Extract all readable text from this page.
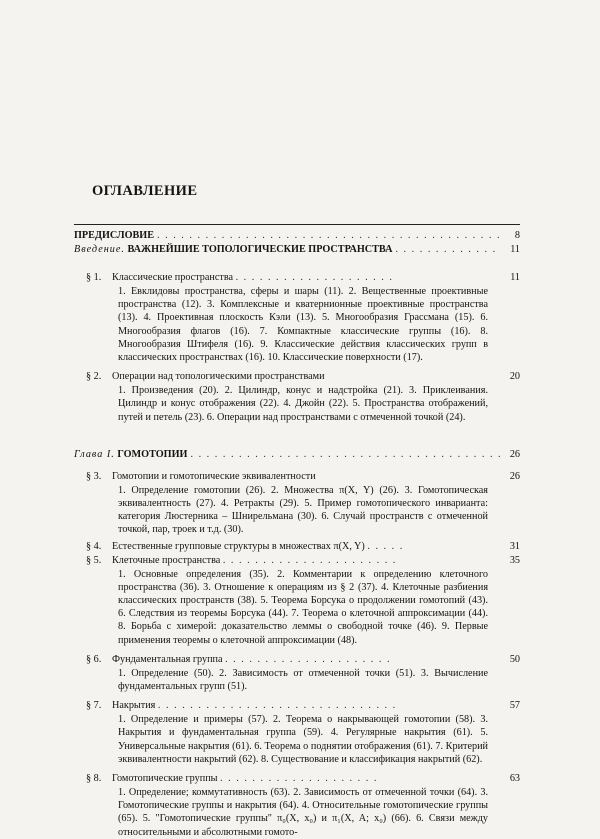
ОГЛАВЛЕНИЕ
ПРЕДИСЛОВИЕ . . .	8
Введение. ВАЖНЕЙШИЕ ТОПОЛОГИЧЕСКИЕ ПРОСТРАНСТВА . . .	11
§ 1. Классические пространства . . . . . . . . . . . . . . . . . . . .	11
1. Евклидовы пространства, сферы и шары (11). 2. Вещественные проективные пространства (12). 3. Комплексные и кватернионные проективные пространства (13). 4. Проективная плоскость Кэли (13). 5. Многообразия Грассмана (15). 6. Многообразия флагов (16). 7. Компактные классические группы (16). 8. Многообразия Штифеля (16). 9. Классические действия классических групп в классических пространствах (16). 10. Классические поверхности (17).
§ 2. Операции над топологическими пространствами	20
1. Произведения (20). 2. Цилиндр, конус и надстройка (21). 3. Приклеивания. Цилиндр и конус отображения (22). 4. Джойн (22). 5. Пространства отображений, путей и петель (23). 6. Операции над пространствами с отмеченной точкой (24).
Глава I. ГОМОТОПИИ . . .	26
§ 3. Гомотопии и гомотопические эквивалентности	26
1. Определение гомотопии (26). 2. Множества π(X, Y) (26). 3. Гомотопическая эквивалентность (27). 4. Ретракты (29). 5. Пример гомотопического инварианта: категория Люстерника – Шнирельмана (30). 6. Случай пространств с отмеченной точкой, пар, троек и т.д. (30).
§ 4. Естественные групповые структуры в множествах π(X, Y) . . . . .	31
§ 5. Клеточные пространства . . . . . . . . . . . . . . . . . . . . . .	35
1. Основные определения (35). 2. Комментарии к определению клеточного пространства (36). 3. Отношение к операциям из § 2 (37). 4. Клеточные разбиения классических пространств (38). 5. Теорема Борсука о продолжении гомотопий (43). 6. Следствия из теоремы Борсука (44). 7. Теорема о клеточной аппроксимации (44). 8. Борьба с химерой: доказательство леммы о свободной точке (46). 9. Первые применения теоремы о клеточной аппроксимации (48).
§ 6. Фундаментальная группа . . . . . . . . . . . . . . . . . . . . .	50
1. Определение (50). 2. Зависимость от отмеченной точки (51). 3. Вычисление фундаментальных групп (51).
§ 7. Накрытия . . . . . . . . . . . . . . . . . . . . . . . . . . . . . .	57
1. Определение и примеры (57). 2. Теорема о накрывающей гомотопии (58). 3. Накрытия и фундаментальная группа (59). 4. Регулярные накрытия (61). 5. Универсальные накрытия (61). 6. Теорема о поднятии отображения (61). 7. Критерий эквивалентности накрытий (62). 8. Существование и классификация накрытий (62).
§ 8. Гомотопические группы . . . . . . . . . . . . . . . . . . . .	63
1. Определение; коммутативность (63). 2. Зависимость от отмеченной точки (64). 3. Гомотопические группы и накрытия (64). 4. Относительные гомотопические группы (65). 5. "Гомотопические группы" π₀(X, x₀) и π₁(X, A; x₀) (66). 6. Связи между относительными и абсолютными гомото-
